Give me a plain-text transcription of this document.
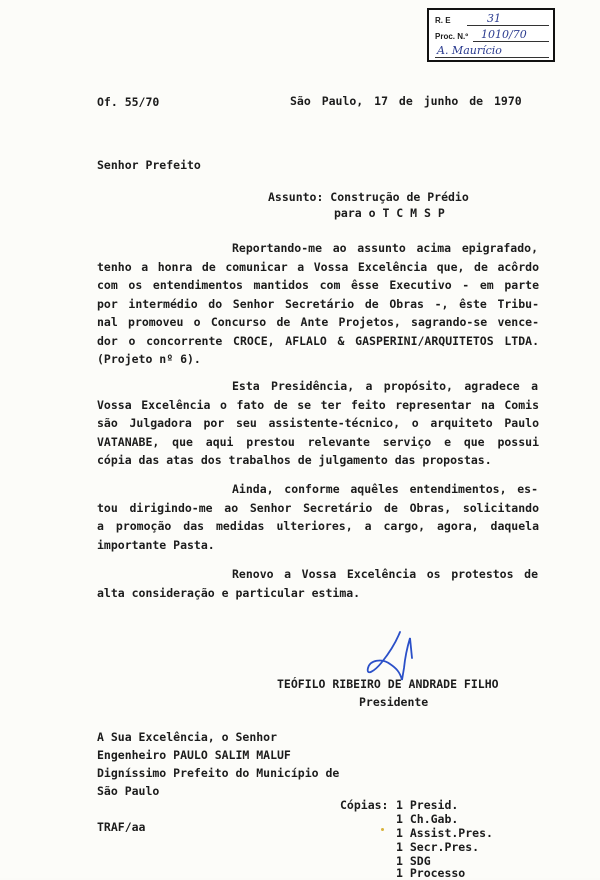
R. E	31
Proc. N.º 1010/70
A. Maurício
Of. 55/70	São Paulo, 17 de junho de 1970
Senhor Prefeito
Assunto: Construção de Prédio
para o T C M S P
Reportando-me ao assunto acima epigrafado,
tenho a honra de comunicar a Vossa Excelência que, de acôrdo
com os entendimentos mantidos com êsse Executivo - em parte
por intermédio do Senhor Secretário de Obras -, êste Tribu-
nal promoveu o Concurso de Ante Projetos, sagrando-se vence-
dor o concorrente CROCE, AFLALO & GASPERINI/ARQUITETOS LTDA.
(Projeto nº 6).
Esta Presidência, a propósito, agradece a
Vossa Excelência o fato de se ter feito representar na Comis
são Julgadora por seu assistente-técnico, o arquiteto Paulo
VATANABE, que aqui prestou relevante serviço e que possui
cópia das atas dos trabalhos de julgamento das propostas.
Ainda, conforme aquêles entendimentos, es-
tou dirigindo-me ao Senhor Secretário de Obras, solicitando
a promoção das medidas ulteriores, a cargo, agora, daquela
importante Pasta.
Renovo a Vossa Excelência os protestos de
alta consideração e particular estima.
TEÓFILO RIBEIRO DE ANDRADE FILHO
Presidente
A Sua Excelência, o Senhor
Engenheiro PAULO SALIM MALUF
Digníssimo Prefeito do Município de
São Paulo
TRAF/aa
Cópias: 1 Presid.
1 Ch.Gab.
1 Assist.Pres.
1 Secr.Pres.
1 SDG
1 Processo
